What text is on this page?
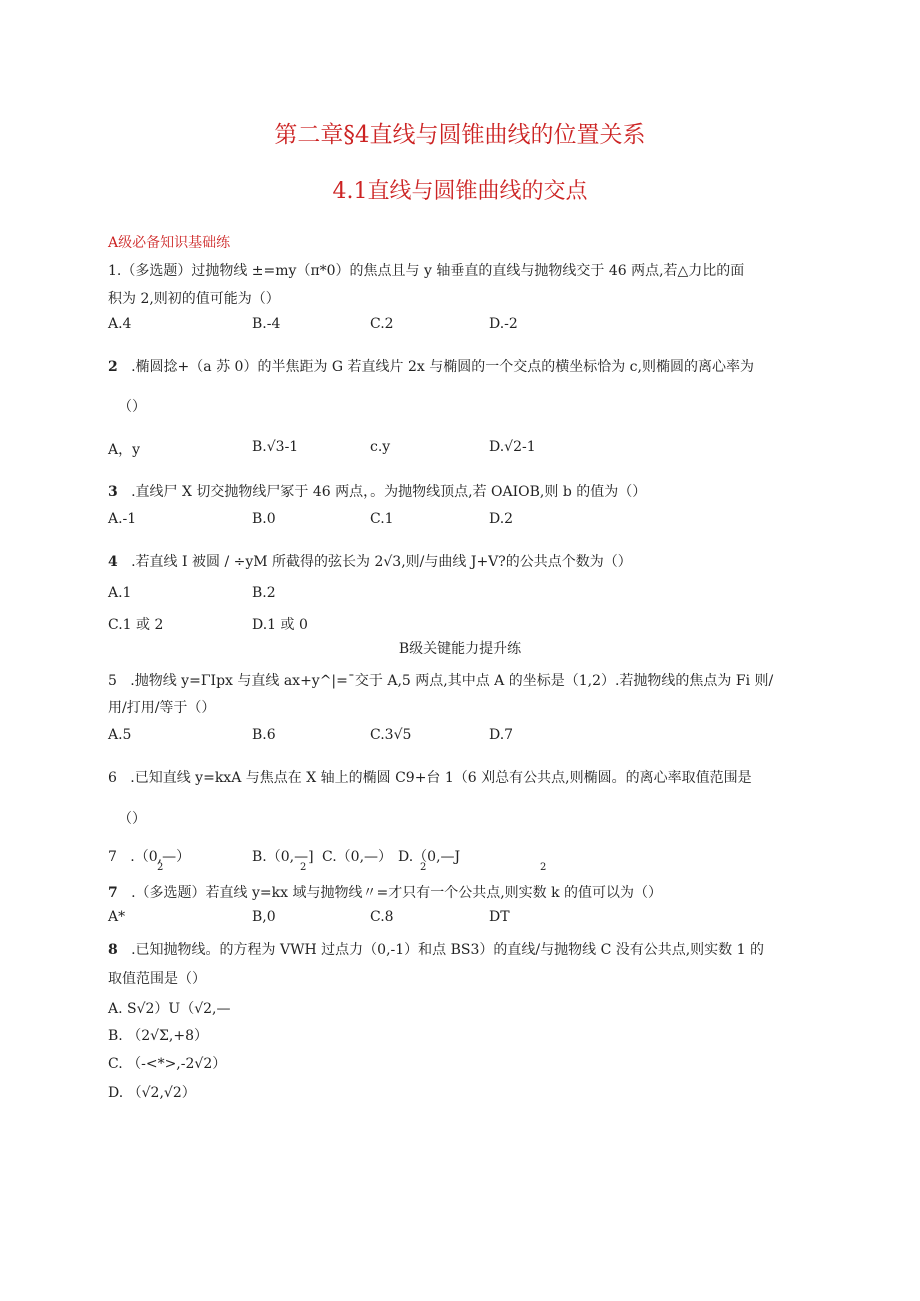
第二章§4直线与圆锥曲线的位置关系
4.1直线与圆锥曲线的交点
A级必备知识基础练
1.（多选题）过抛物线 ±=my（π*0）的焦点且与 y 轴垂直的直线与抛物线交于 46 两点,若△力比的面
积为 2,则初的值可能为（）
A.4	B.-4	C.2	D.-2
2 .椭圆捻+（a 苏 0）的半焦距为 G 若直线片 2x 与椭圆的一个交点的横坐标恰为 c,则椭圆的离心率为
（）
A，y	B.√3-1	c.y	D.√2-1
3 .直线尸 X 切交抛物线尸冢于 46 两点，。为抛物线顶点,若 OAIOB,则 b 的值为（）
A.-1	B.0	C.1	D.2
4 .若直线 I 被圆 / ÷yM 所截得的弦长为 2√3,则/与曲线 J+V?的公共点个数为（）
A.1	B.2
C.1 或 2	D.1 或 0
B级关键能力提升练
5 .抛物线 y=ΓIpx 与直线 ax+y^|=¯交于 A,5 两点,其中点 A 的坐标是（1,2）.若抛物线的焦点为 Fi 则/
用/打用/等于（）
A.5	B.6	C.3√5	D.7
6 .已知直线 y=kxA 与焦点在 X 轴上的椭圆 C9+台 1（6 刈总有公共点,则椭圆。的离心率取值范围是
（）
7 .（0,—）	B.（0,—] C.（0,—） D.（0,—J
2	2	2	2
7 .（多选题）若直线 y=kx 域与抛物线〃=才只有一个公共点,则实数 k 的值可以为（）
A*	B,0	C.8	DT
8 .已知抛物线。的方程为 VWH 过点力（0,-1）和点 BS3）的直线/与抛物线 C 没有公共点,则实数 1 的
取值范围是（）
A. S√2）U（√2,—
B. （2√Σ,+8）
C. （-<*>,-2√2）
D. （√2,√2）
